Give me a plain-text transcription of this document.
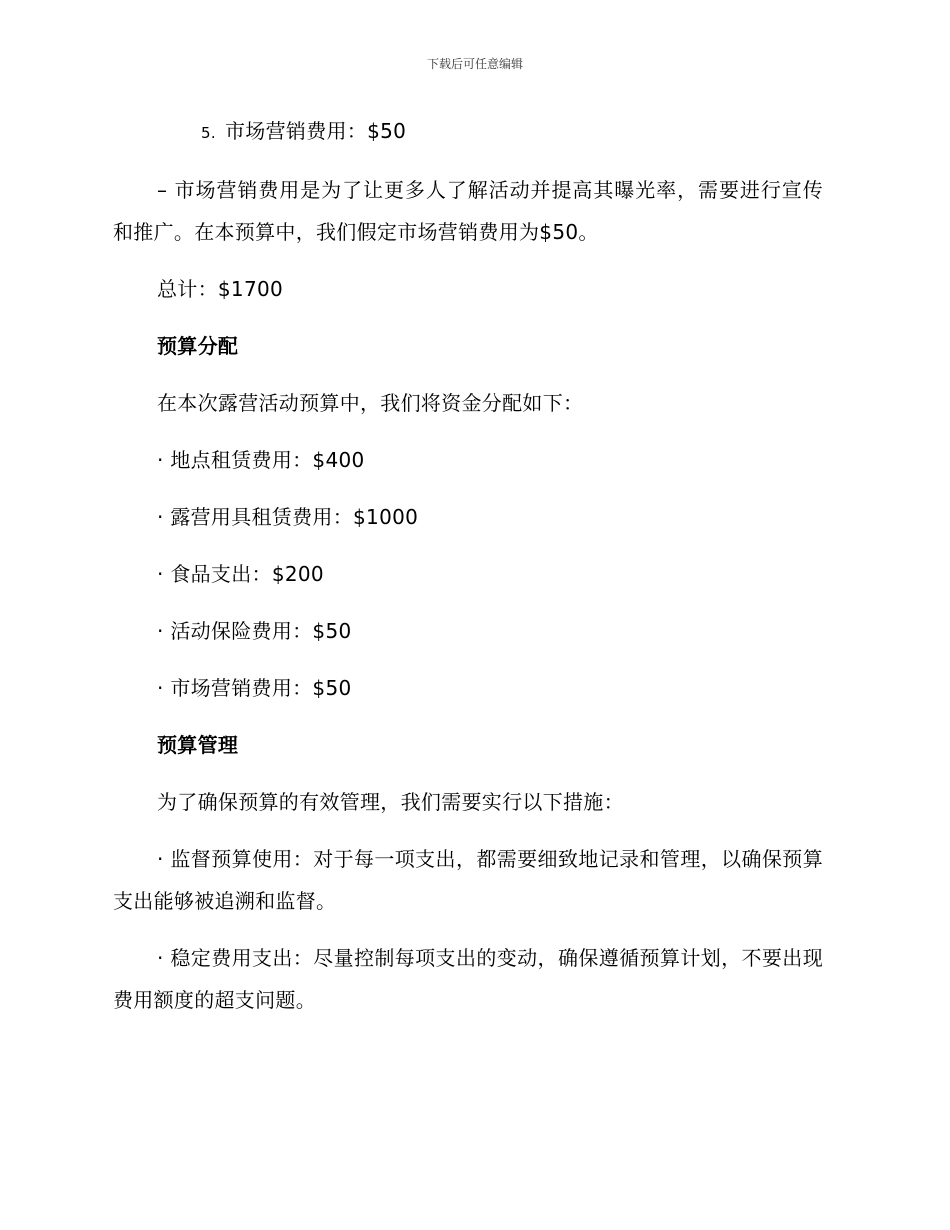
下载后可任意编辑

5. 市场营销费用：$50

– 市场营销费用是为了让更多人了解活动并提高其曝光率，需要进行宣传和推广。在本预算中，我们假定市场营销费用为$50。

总计：$1700

预算分配

在本次露营活动预算中，我们将资金分配如下：

· 地点租赁费用：$400

· 露营用具租赁费用：$1000

· 食品支出：$200

· 活动保险费用：$50

· 市场营销费用：$50

预算管理

为了确保预算的有效管理，我们需要实行以下措施：

· 监督预算使用：对于每一项支出，都需要细致地记录和管理，以确保预算支出能够被追溯和监督。

· 稳定费用支出：尽量控制每项支出的变动，确保遵循预算计划，不要出现费用额度的超支问题。
